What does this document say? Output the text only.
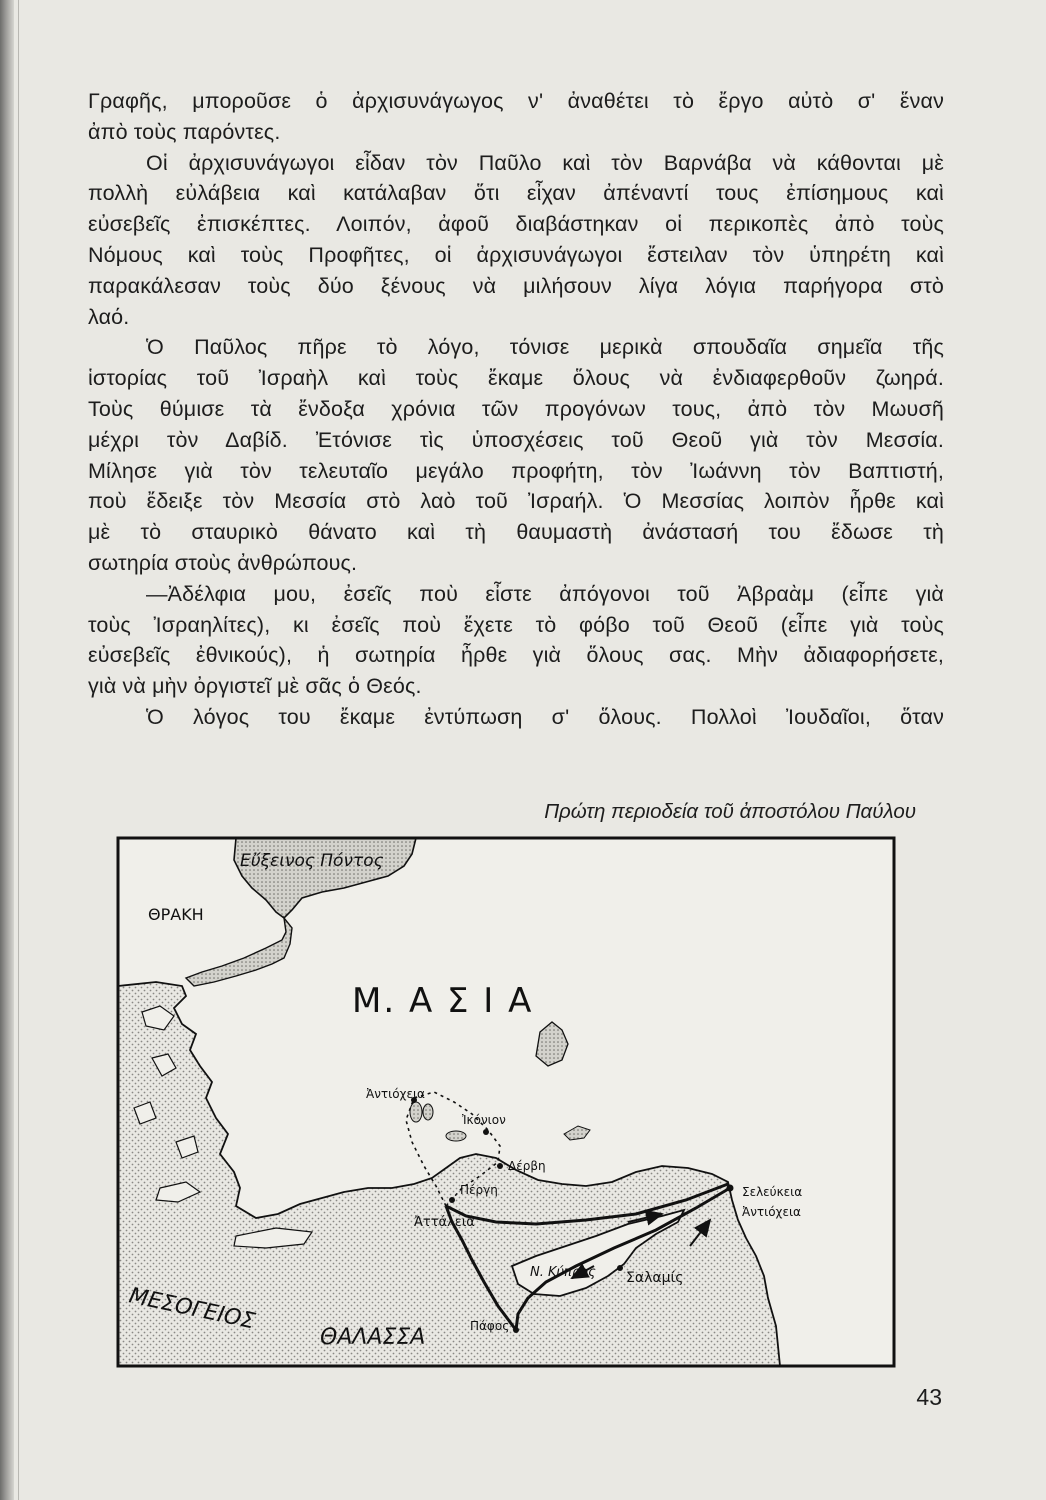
Γραφῆς, μποροῦσε ὁ ἀρχισυνάγωγος ν' ἀναθέτει τὸ ἔργο αὐτὸ σ' ἕναν
ἀπὸ τοὺς παρόντες.
Οἱ ἀρχισυνάγωγοι εἶδαν τὸν Παῦλο καὶ τὸν Βαρνάβα νὰ κάθονται μὲ
πολλὴ εὐλάβεια καὶ κατάλαβαν ὅτι εἶχαν ἀπέναντί τους ἐπίσημους καὶ
εὐσεβεῖς ἐπισκέπτες. Λοιπόν, ἀφοῦ διαβάστηκαν οἱ περικοπὲς ἀπὸ τοὺς
Νόμους καὶ τοὺς Προφῆτες, οἱ ἀρχισυνάγωγοι ἔστειλαν τὸν ὑπηρέτη καὶ
παρακάλεσαν τοὺς δύο ξένους νὰ μιλήσουν λίγα λόγια παρήγορα στὸ
λαό.
Ὁ Παῦλος πῆρε τὸ λόγο, τόνισε μερικὰ σπουδαῖα σημεῖα τῆς
ἱστορίας τοῦ Ἰσραὴλ καὶ τοὺς ἔκαμε ὅλους νὰ ἐνδιαφερθοῦν ζωηρά.
Τοὺς θύμισε τὰ ἔνδοξα χρόνια τῶν προγόνων τους, ἀπὸ τὸν Μωυσῆ
μέχρι τὸν Δαβίδ. Ἐτόνισε τὶς ὑποσχέσεις τοῦ Θεοῦ γιὰ τὸν Μεσσία.
Μίλησε γιὰ τὸν τελευταῖο μεγάλο προφήτη, τὸν Ἰωάννη τὸν Βαπτιστή,
ποὺ ἔδειξε τὸν Μεσσία στὸ λαὸ τοῦ Ἰσραήλ. Ὁ Μεσσίας λοιπὸν ἦρθε καὶ
μὲ τὸ σταυρικὸ θάνατο καὶ τὴ θαυμαστὴ ἀνάστασή του ἔδωσε τὴ
σωτηρία στοὺς ἀνθρώπους.
—Ἀδέλφια μου, ἐσεῖς ποὺ εἶστε ἀπόγονοι τοῦ Ἀβραὰμ (εἶπε γιὰ
τοὺς Ἰσραηλίτες), κι ἐσεῖς ποὺ ἔχετε τὸ φόβο τοῦ Θεοῦ (εἶπε γιὰ τοὺς
εὐσεβεῖς ἐθνικούς), ἡ σωτηρία ἦρθε γιὰ ὅλους σας. Μὴν ἀδιαφορήσετε,
γιὰ νὰ μὴν ὀργιστεῖ μὲ σᾶς ὁ Θεός.
Ὁ λόγος του ἔκαμε ἐντύπωση σ' ὅλους. Πολλοὶ Ἰουδαῖοι, ὅταν
Πρώτη περιοδεία τοῦ ἀποστόλου Παύλου
Εὔξεινος Πόντος
ΘΡΑΚΗ
Μ. Α Σ Ι Α
Ἀντιόχεια
Ἰκόνιον
Δέρβη
Πέργη
Ἀττάλεια
Σελεύκεια
Ἀντιόχεια
Ν. Κύπρος Σαλαμίς
Πάφος
ΜΕΣΟΓΕΙΟΣ
ΘΑΛΑΣΣΑ
43
